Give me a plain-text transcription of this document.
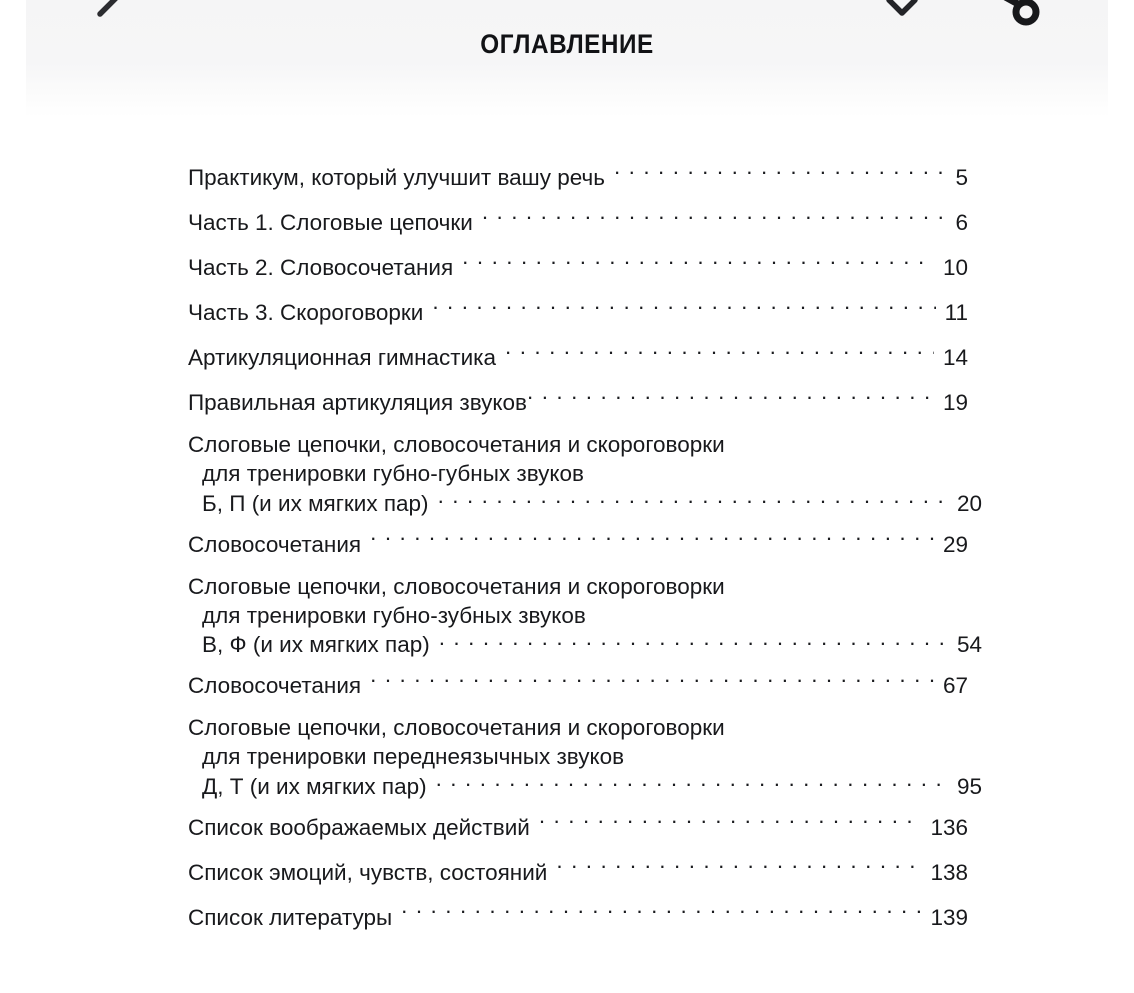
ОГЛАВЛЕНИЕ
Практикум, который улучшит вашу речь . . .	5
Часть 1. Слоговые цепочки . . .	6
Часть 2. Словосочетания . . .	10
Часть 3. Скороговорки . . .	11
Артикуляционная гимнастика . . .	14
Правильная артикуляция звуков . . .	19
Слоговые цепочки, словосочетания и скороговорки
для тренировки губно-губных звуков
Б, П (и их мягких пар) . . .	20
Словосочетания . . .	29
Слоговые цепочки, словосочетания и скороговорки
для тренировки губно-зубных звуков
В, Ф (и их мягких пар) . . .	54
Словосочетания . . .	67
Слоговые цепочки, словосочетания и скороговорки
для тренировки переднеязычных звуков
Д, Т (и их мягких пар) . . .	95
Список воображаемых действий . . .	136
Список эмоций, чувств, состояний . . .	138
Список литературы . . .	139
